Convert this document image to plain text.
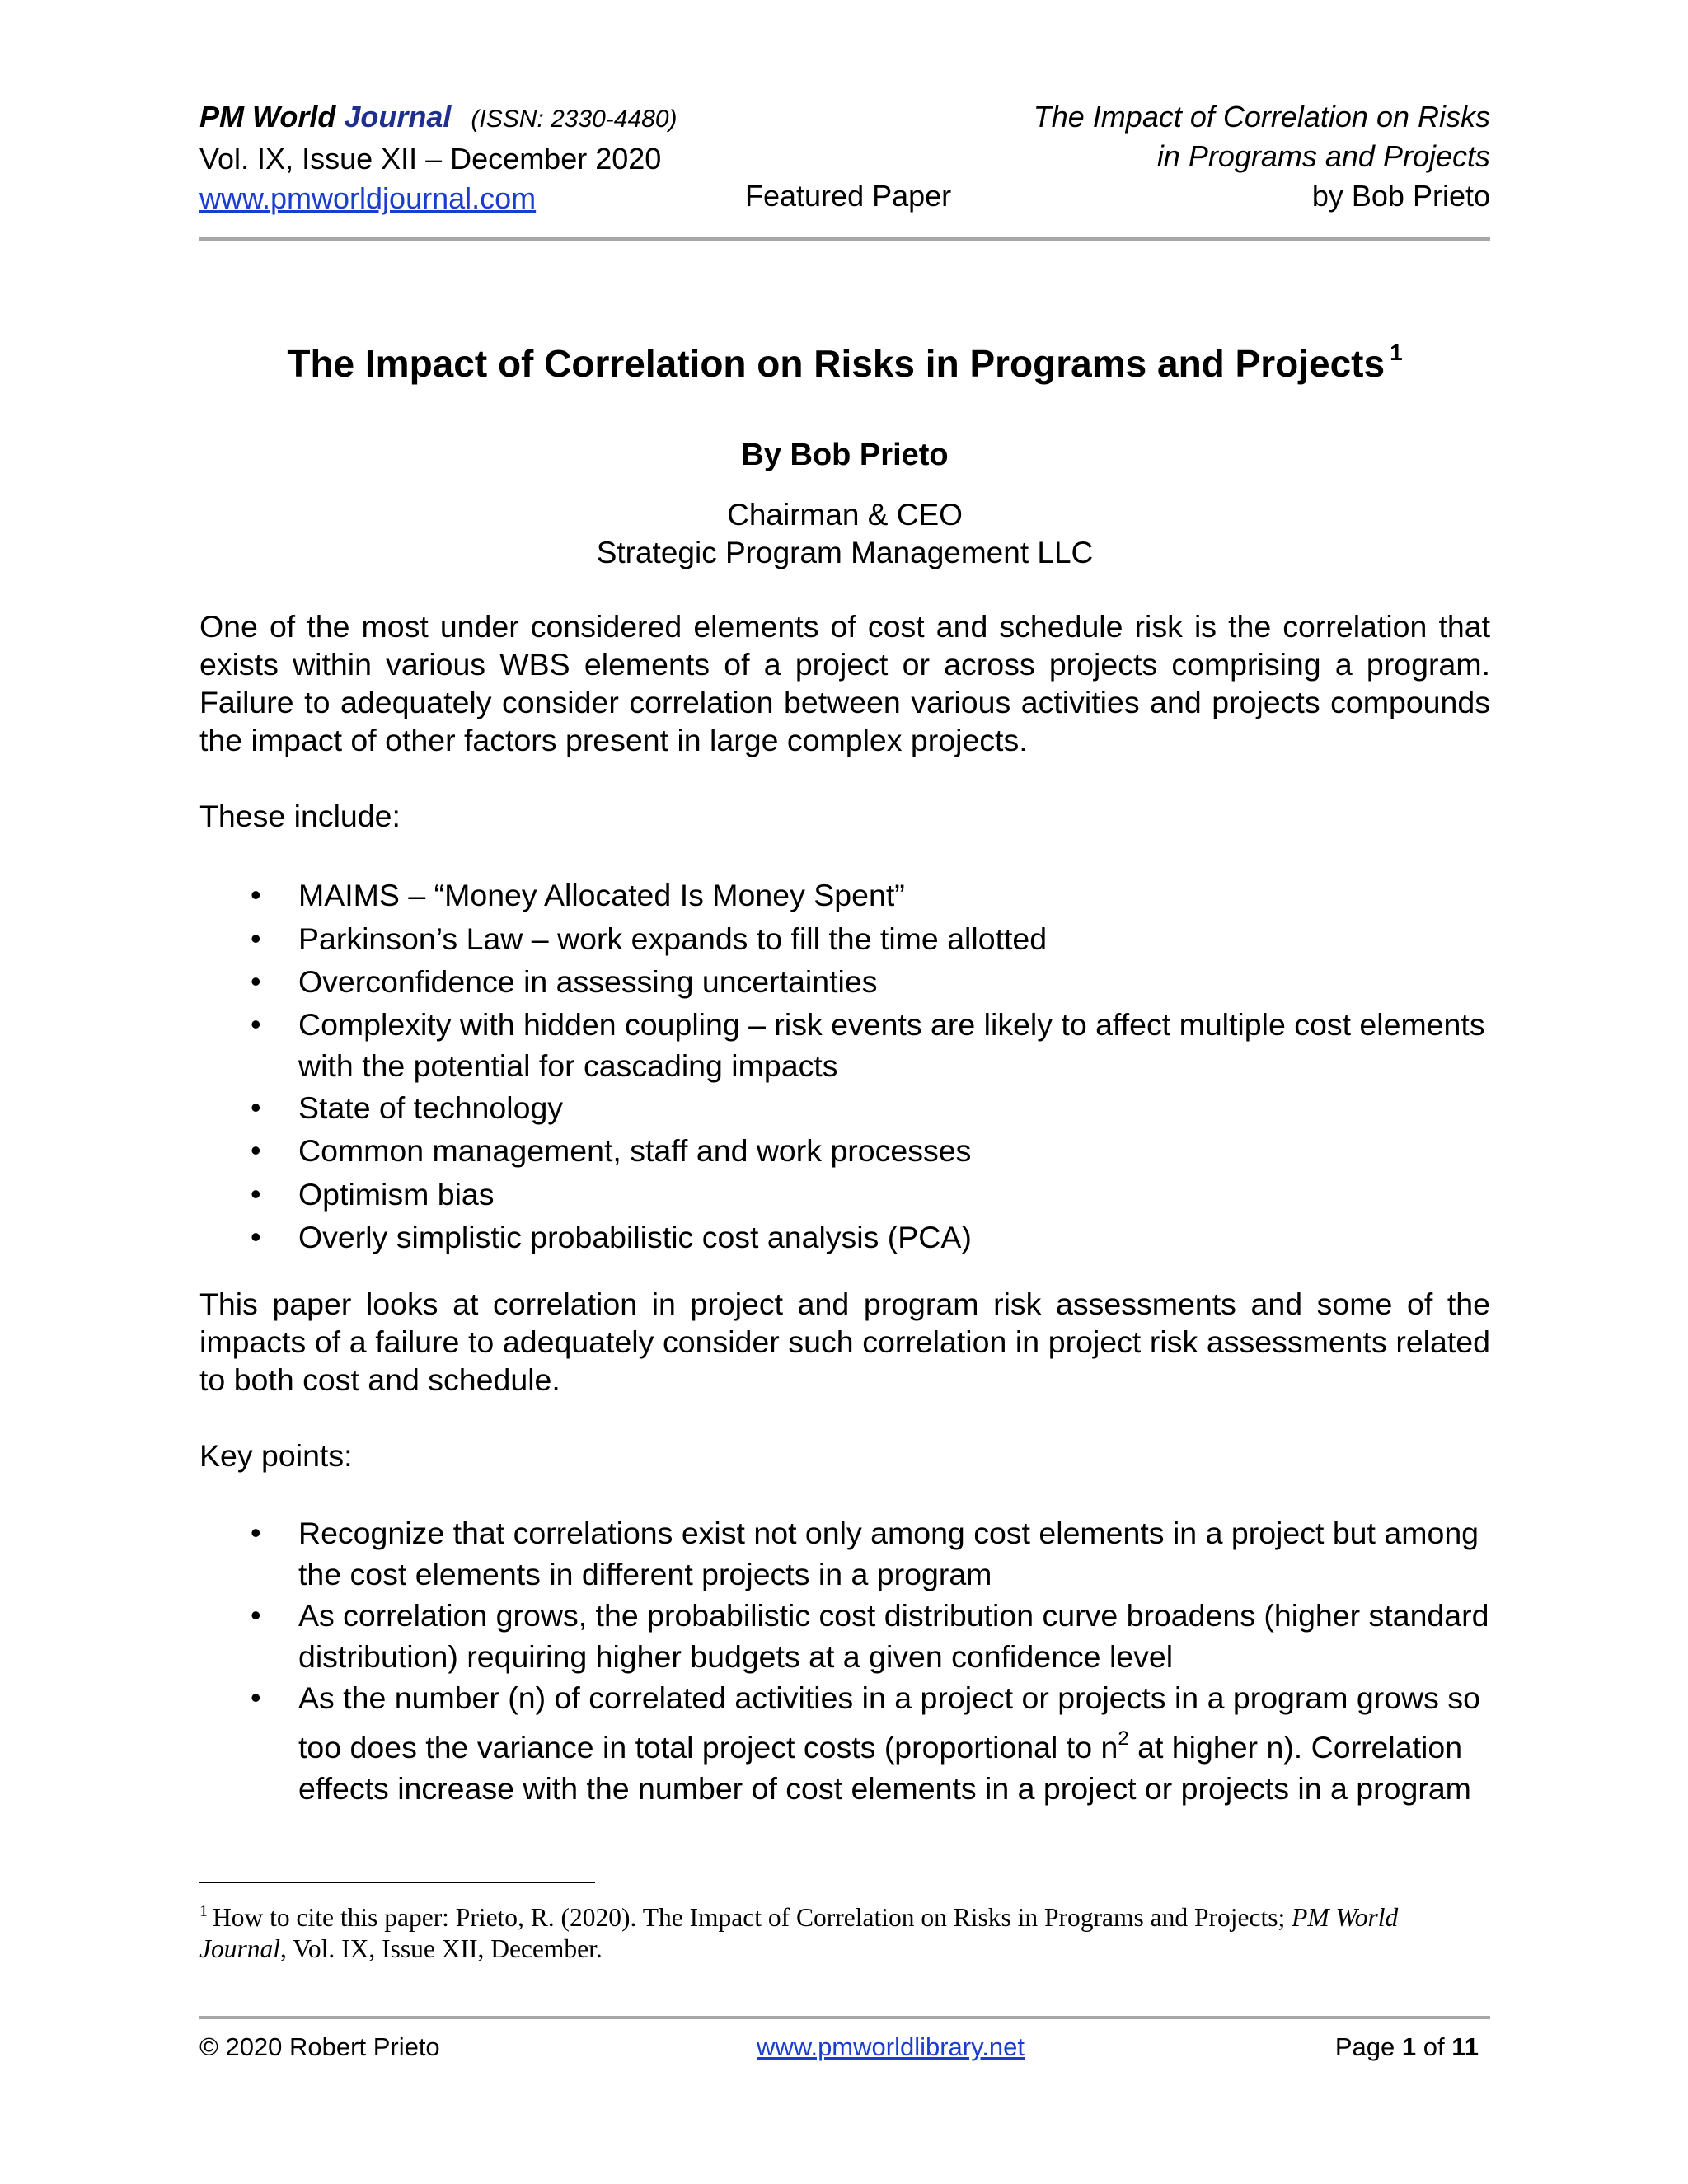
PM World Journal (ISSN: 2330-4480)
Vol. IX, Issue XII – December 2020
www.pmworldjournal.com	Featured Paper
The Impact of Correlation on Risks
in Programs and Projects
by Bob Prieto
The Impact of Correlation on Risks in Programs and Projects $^1$
By Bob Prieto
Chairman & CEO
Strategic Program Management LLC
One of the most under considered elements of cost and schedule risk is the correlation that exists within various WBS elements of a project or across projects comprising a program. Failure to adequately consider correlation between various activities and projects compounds the impact of other factors present in large complex projects.
These include:
• MAIMS – “Money Allocated Is Money Spent”
• Parkinson’s Law – work expands to fill the time allotted
• Overconfidence in assessing uncertainties
• Complexity with hidden coupling – risk events are likely to affect multiple cost elements with the potential for cascading impacts
• State of technology
• Common management, staff and work processes
• Optimism bias
• Overly simplistic probabilistic cost analysis (PCA)
This paper looks at correlation in project and program risk assessments and some of the impacts of a failure to adequately consider such correlation in project risk assessments related to both cost and schedule.
Key points:
• Recognize that correlations exist not only among cost elements in a project but among the cost elements in different projects in a program
• As correlation grows, the probabilistic cost distribution curve broadens (higher standard distribution) requiring higher budgets at a given confidence level
• As the number (n) of correlated activities in a project or projects in a program grows so too does the variance in total project costs (proportional to $n^2$ at higher n). Correlation effects increase with the number of cost elements in a project or projects in a program
$^1$ How to cite this paper: Prieto, R. (2020). The Impact of Correlation on Risks in Programs and Projects; PM World Journal, Vol. IX, Issue XII, December.
© 2020 Robert Prieto	www.pmworldlibrary.net	Page 1 of 11
